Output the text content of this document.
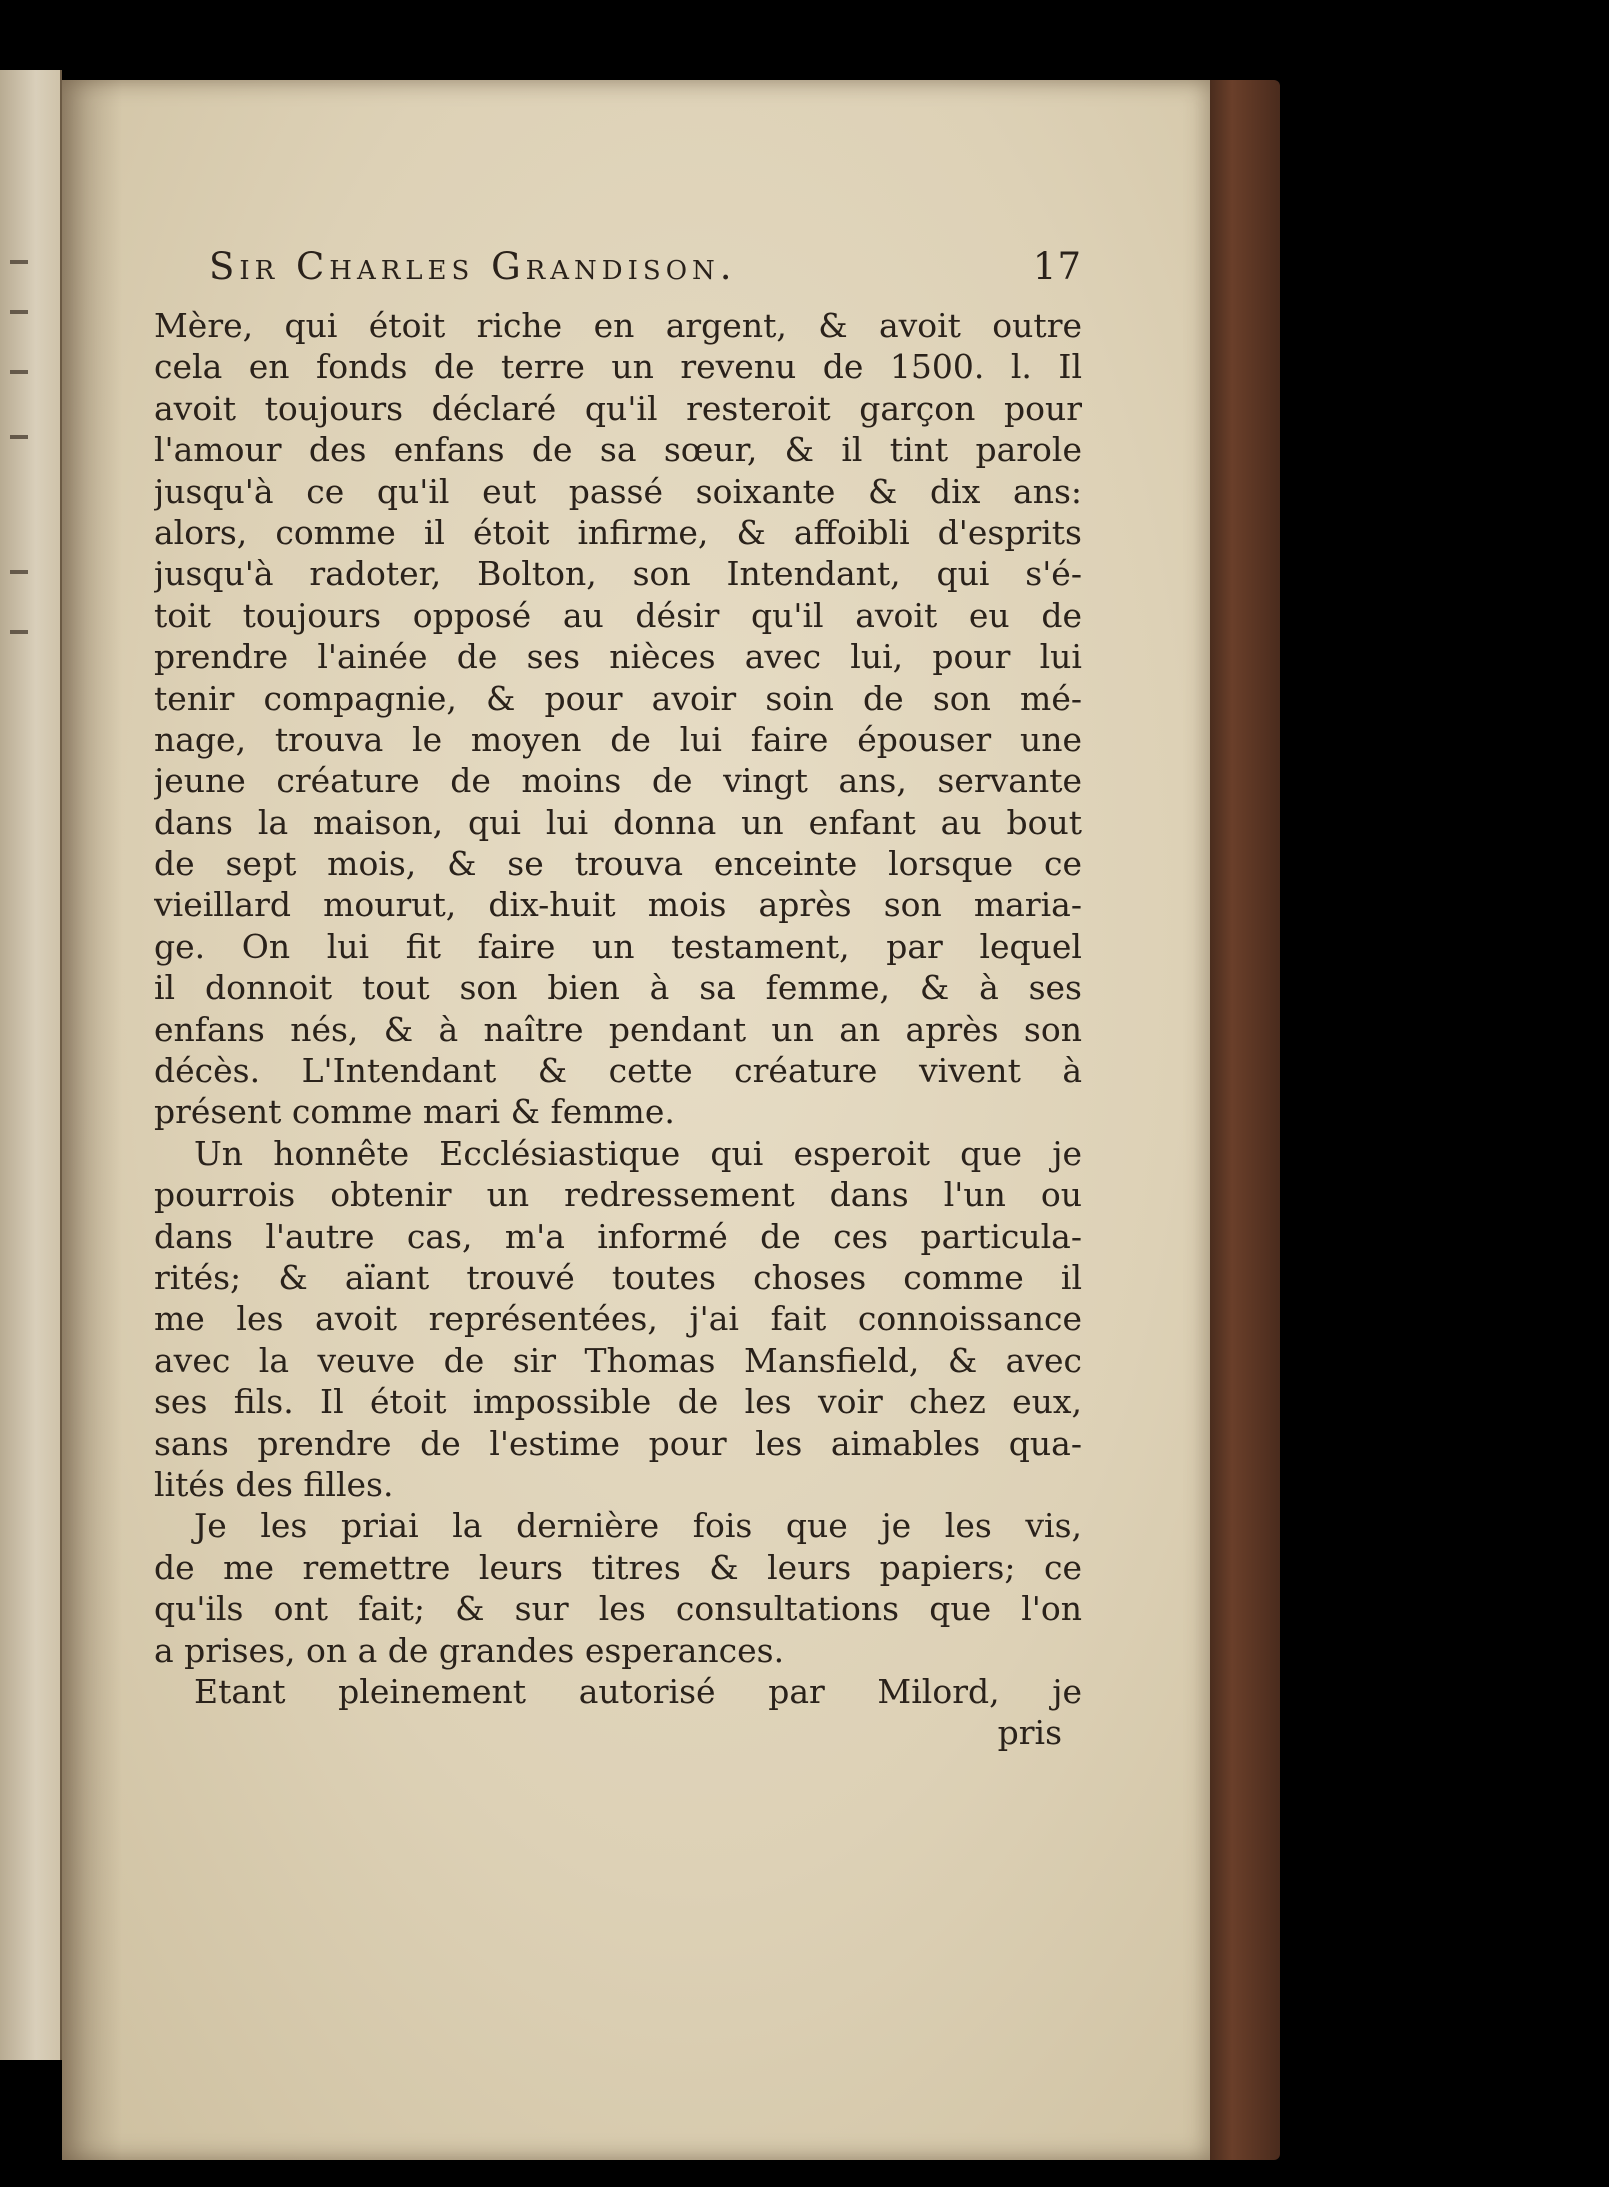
Sir Charles Grandison.	17
Mère, qui étoit riche en argent, & avoit outre
cela en fonds de terre un revenu de 1500. l. Il
avoit toujours déclaré qu'il resteroit garçon pour
l'amour des enfans de sa sœur, & il tint parole
jusqu'à ce qu'il eut passé soixante & dix ans:
alors, comme il étoit infirme, & affoibli d'esprits
jusqu'à radoter, Bolton, son Intendant, qui s'é-
toit toujours opposé au désir qu'il avoit eu de
prendre l'ainée de ses nièces avec lui, pour lui
tenir compagnie, & pour avoir soin de son mé-
nage, trouva le moyen de lui faire épouser une
jeune créature de moins de vingt ans, servante
dans la maison, qui lui donna un enfant au bout
de sept mois, & se trouva enceinte lorsque ce
vieillard mourut, dix-huit mois après son maria-
ge. On lui fit faire un testament, par lequel
il donnoit tout son bien à sa femme, & à ses
enfans nés, & à naître pendant un an après son
décès. L'Intendant & cette créature vivent à
présent comme mari & femme.
Un honnête Ecclésiastique qui esperoit que je
pourrois obtenir un redressement dans l'un ou
dans l'autre cas, m'a informé de ces particula-
rités; & aïant trouvé toutes choses comme il
me les avoit représentées, j'ai fait connoissance
avec la veuve de sir Thomas Mansfield, & avec
ses fils. Il étoit impossible de les voir chez eux,
sans prendre de l'estime pour les aimables qua-
lités des filles.
Je les priai la dernière fois que je les vis,
de me remettre leurs titres & leurs papiers; ce
qu'ils ont fait; & sur les consultations que l'on
a prises, on a de grandes esperances.
Etant pleinement autorisé par Milord, je
pris
